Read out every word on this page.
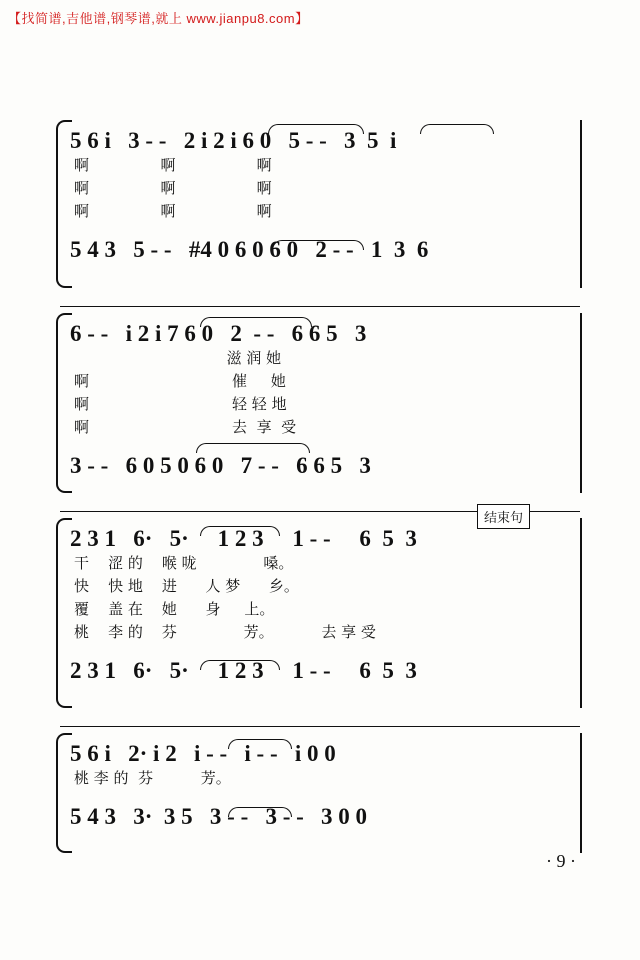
【找简谱,吉他谱,钢琴谱,就上 www.jianpu8.com】
5 6 i   3 - -   2 i 2 i 6 0   5 - -   3  5  i
啊               啊                 啊
啊               啊                 啊
啊               啊                 啊
5 4 3   5 - -   #4 0 6 0 6 0   2 - -   1  3  6
6 - -   i 2 i 7 6 0   2  - -   6 6 5   3
滋 润 她
啊                              催     她
啊                              轻 轻 地
啊                              去  享  受
3 - -   6 0 5 0 6 0   7 - -   6 6 5   3
结束句
2 3 1   6·   5·     1 2 3     1 - -     6  5  3
干    涩 的    喉 咙              嗓。
快    快 地    进      人 梦      乡。
覆    盖 在    她      身     上。
桃    李 的    芬              芳。          去 享 受
2 3 1   6·   5·     1 2 3     1 - -     6  5  3
5 6 i   2· i 2   i - -   i - -   i 0 0
桃 李 的  芬          芳。
5 4 3   3·  3 5   3 - -   3 - -   3 0 0
· 9 ·
